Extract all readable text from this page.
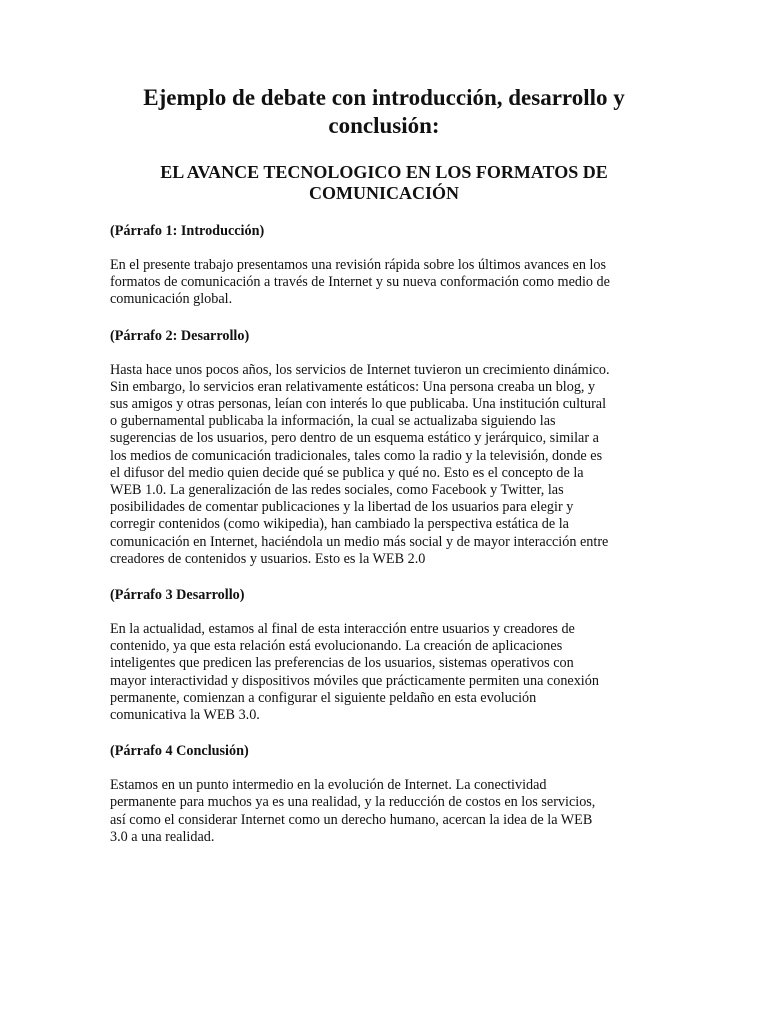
Ejemplo de debate con introducción, desarrollo y conclusión:
EL AVANCE TECNOLOGICO EN LOS FORMATOS DE COMUNICACIÓN

(Párrafo 1: Introducción)

En el presente trabajo presentamos una revisión rápida sobre los últimos avances en los
formatos de comunicación a través de Internet y su nueva conformación como medio de
comunicación global.

(Párrafo 2: Desarrollo)

Hasta hace unos pocos años, los servicios de Internet tuvieron un crecimiento dinámico.
Sin embargo, lo servicios eran relativamente estáticos: Una persona creaba un blog, y
sus amigos y otras personas, leían con interés lo que publicaba. Una institución cultural
o gubernamental publicaba la información, la cual se actualizaba siguiendo las
sugerencias de los usuarios, pero dentro de un esquema estático y jerárquico, similar a
los medios de comunicación tradicionales, tales como la radio y la televisión, donde es
el difusor del medio quien decide qué se publica y qué no. Esto es el concepto de la
WEB 1.0. La generalización de las redes sociales, como Facebook y Twitter, las
posibilidades de comentar publicaciones y la libertad de los usuarios para elegir y
corregir contenidos (como wikipedia), han cambiado la perspectiva estática de la
comunicación en Internet, haciéndola un medio más social y de mayor interacción entre
creadores de contenidos y usuarios. Esto es la WEB 2.0

(Párrafo 3 Desarrollo)

En la actualidad, estamos al final de esta interacción entre usuarios y creadores de
contenido, ya que esta relación está evolucionando. La creación de aplicaciones
inteligentes que predicen las preferencias de los usuarios, sistemas operativos con
mayor interactividad y dispositivos móviles que prácticamente permiten una conexión
permanente, comienzan a configurar el siguiente peldaño en esta evolución
comunicativa la WEB 3.0.

(Párrafo 4 Conclusión)

Estamos en un punto intermedio en la evolución de Internet. La conectividad
permanente para muchos ya es una realidad, y la reducción de costos en los servicios,
así como el considerar Internet como un derecho humano, acercan la idea de la WEB
3.0 a una realidad.
